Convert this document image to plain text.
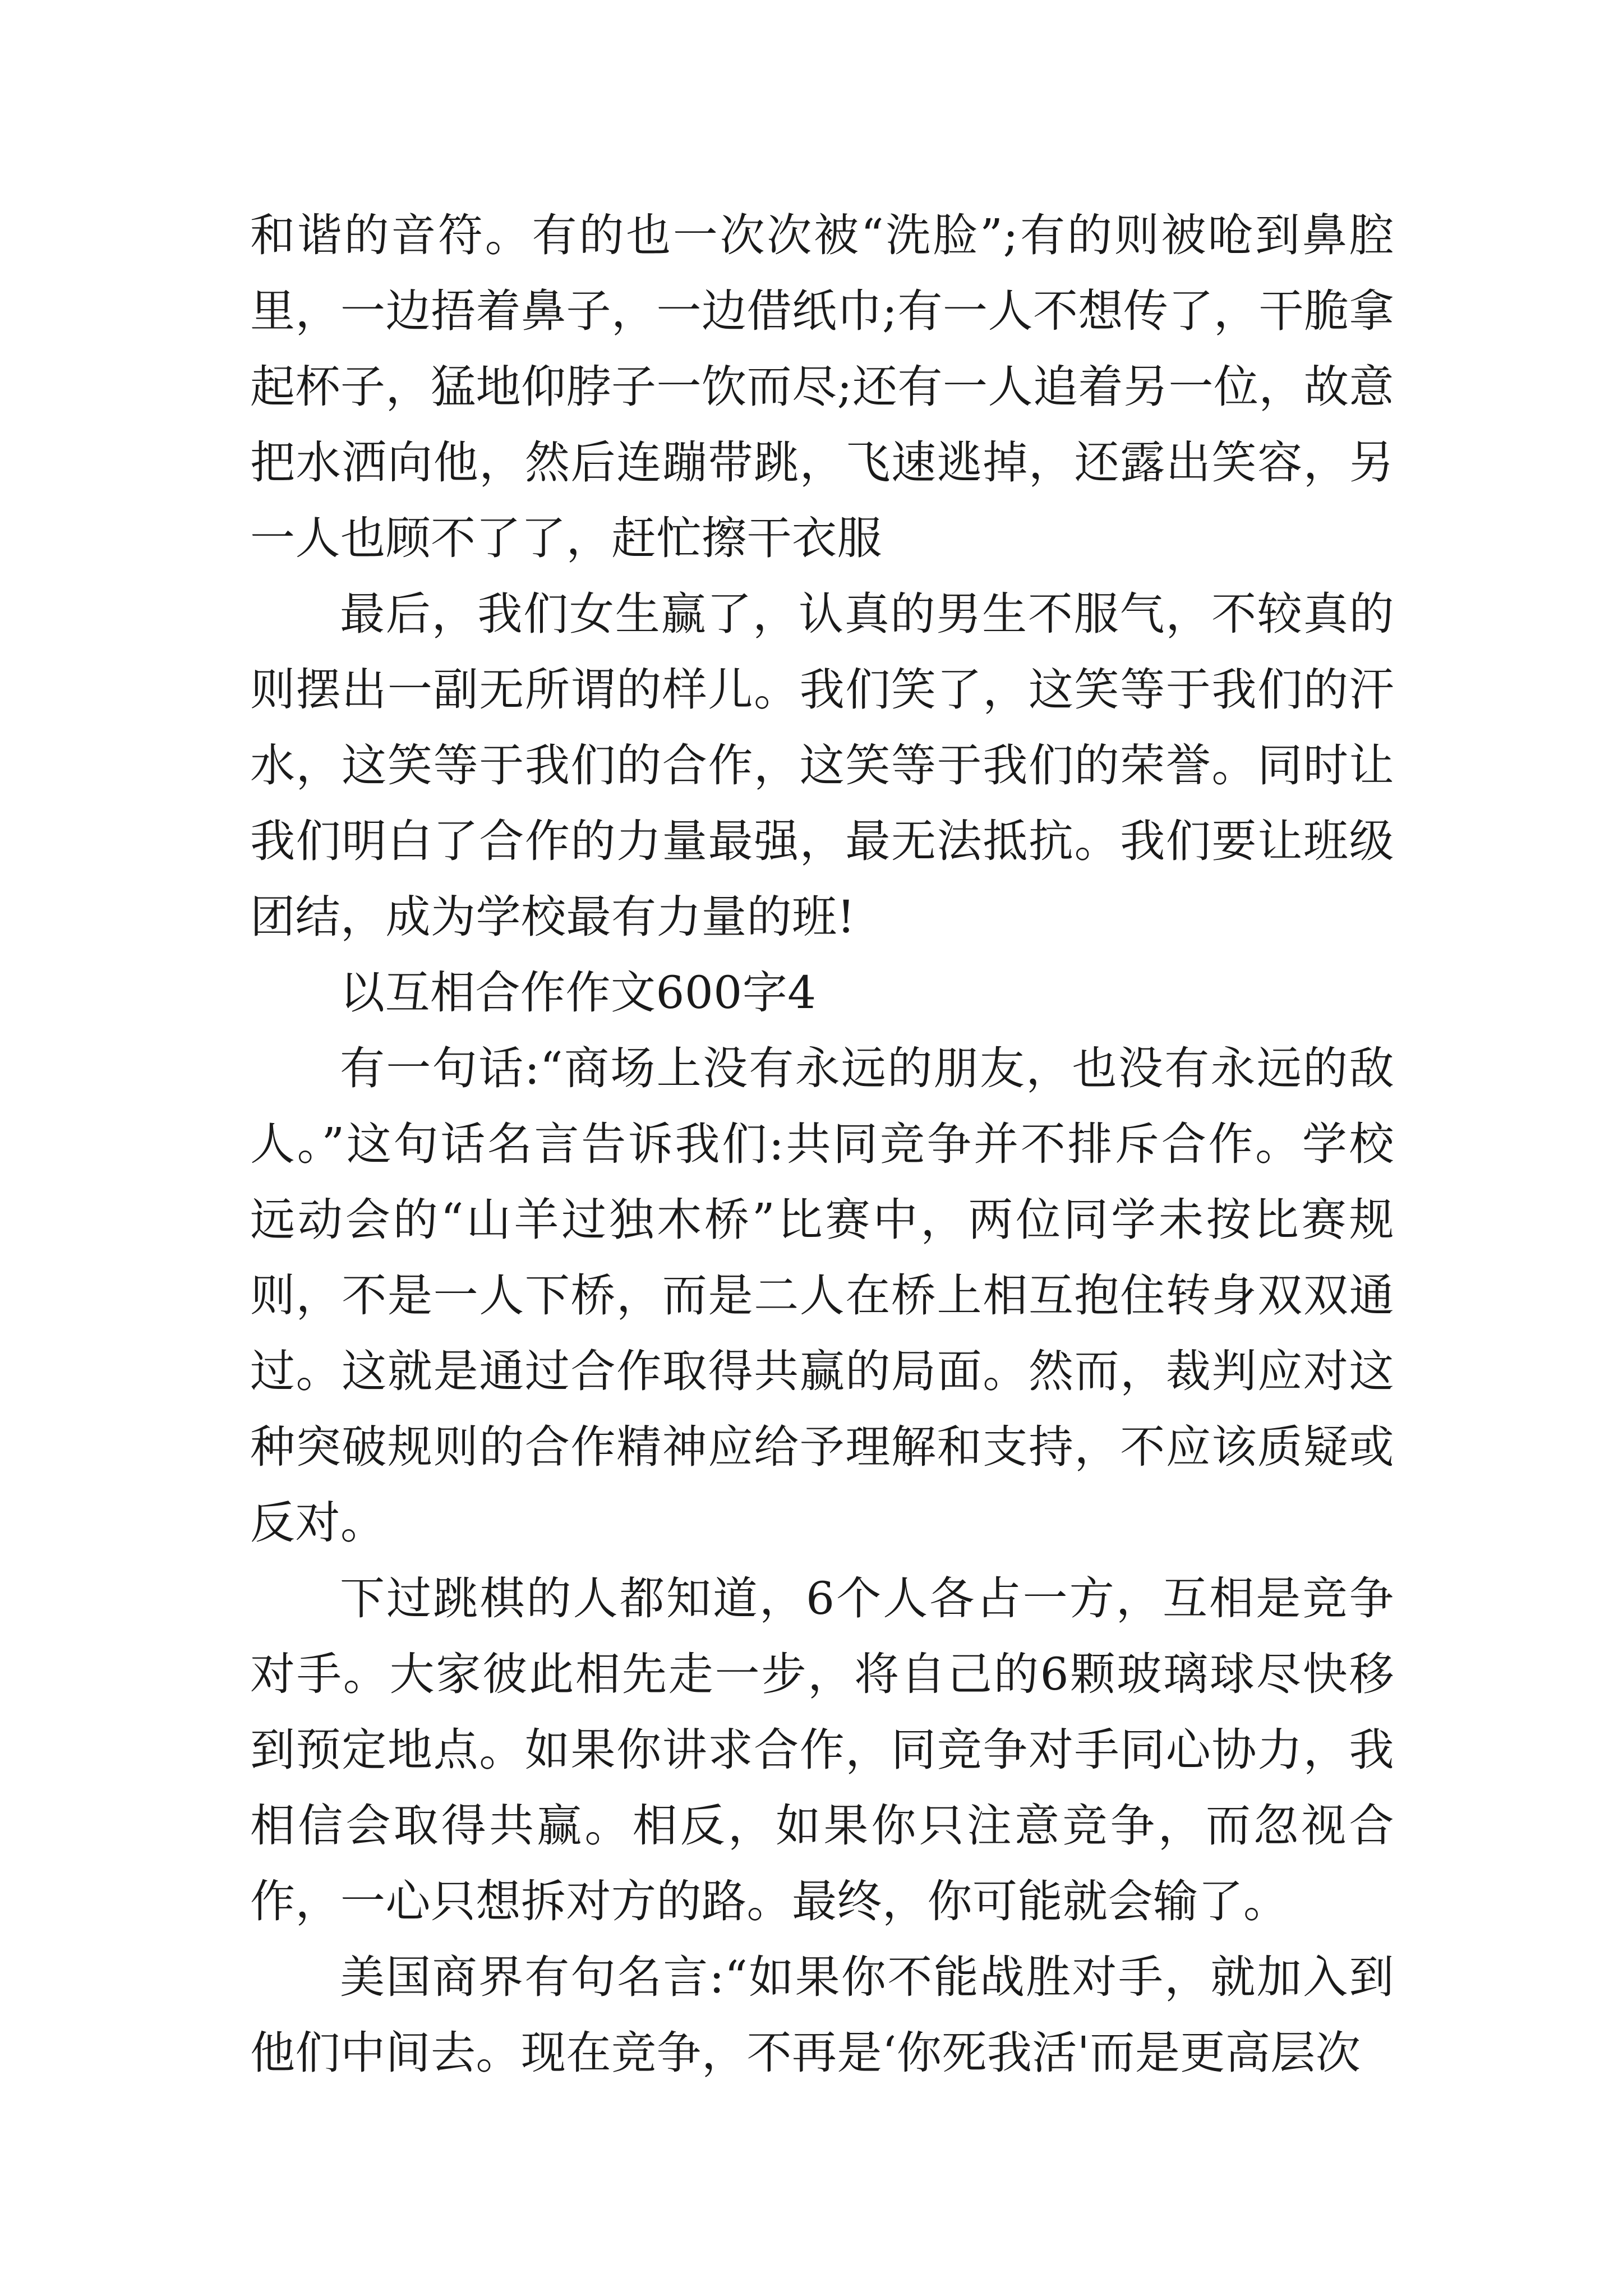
和谐的音符。有的也一次次被“洗脸”;有的则被呛到鼻腔里，一边捂着鼻子，一边借纸巾;有一人不想传了，干脆拿起杯子，猛地仰脖子一饮而尽;还有一人追着另一位，故意把水洒向他，然后连蹦带跳，飞速逃掉，还露出笑容，另一人也顾不了了，赶忙擦干衣服

最后，我们女生赢了，认真的男生不服气，不较真的则摆出一副无所谓的样儿。我们笑了，这笑等于我们的汗水，这笑等于我们的合作，这笑等于我们的荣誉。同时让我们明白了合作的力量最强，最无法抵抗。我们要让班级团结，成为学校最有力量的班!

以互相合作作文600字4

有一句话:“商场上没有永远的朋友，也没有永远的敌人。”这句话名言告诉我们:共同竞争并不排斥合作。学校远动会的“山羊过独木桥”比赛中，两位同学未按比赛规则，不是一人下桥，而是二人在桥上相互抱住转身双双通过。这就是通过合作取得共赢的局面。然而，裁判应对这种突破规则的合作精神应给予理解和支持，不应该质疑或反对。

下过跳棋的人都知道，6个人各占一方，互相是竞争对手。大家彼此相先走一步，将自己的6颗玻璃球尽快移到预定地点。如果你讲求合作，同竞争对手同心协力，我相信会取得共赢。相反，如果你只注意竞争，而忽视合作，一心只想拆对方的路。最终，你可能就会输了。

美国商界有句名言:“如果你不能战胜对手，就加入到他们中间去。现在竞争，不再是‘你死我活'而是更高层次
